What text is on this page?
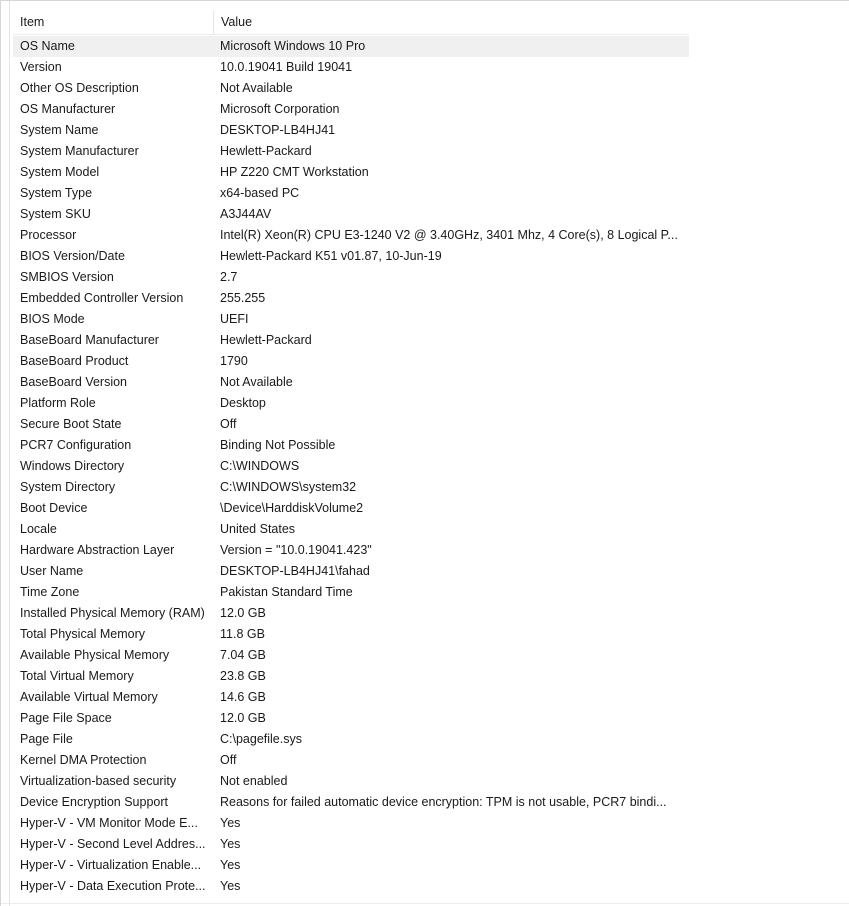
Item	Value
OS Name	Microsoft Windows 10 Pro
Version	10.0.19041 Build 19041
Other OS Description	Not Available
OS Manufacturer	Microsoft Corporation
System Name	DESKTOP-LB4HJ41
System Manufacturer	Hewlett-Packard
System Model	HP Z220 CMT Workstation
System Type	x64-based PC
System SKU	A3J44AV
Processor	Intel(R) Xeon(R) CPU E3-1240 V2 @ 3.40GHz, 3401 Mhz, 4 Core(s), 8 Logical P...
BIOS Version/Date	Hewlett-Packard K51 v01.87, 10-Jun-19
SMBIOS Version	2.7
Embedded Controller Version	255.255
BIOS Mode	UEFI
BaseBoard Manufacturer	Hewlett-Packard
BaseBoard Product	1790
BaseBoard Version	Not Available
Platform Role	Desktop
Secure Boot State	Off
PCR7 Configuration	Binding Not Possible
Windows Directory	C:\WINDOWS
System Directory	C:\WINDOWS\system32
Boot Device	\Device\HarddiskVolume2
Locale	United States
Hardware Abstraction Layer	Version = "10.0.19041.423"
User Name	DESKTOP-LB4HJ41\fahad
Time Zone	Pakistan Standard Time
Installed Physical Memory (RAM)	12.0 GB
Total Physical Memory	11.8 GB
Available Physical Memory	7.04 GB
Total Virtual Memory	23.8 GB
Available Virtual Memory	14.6 GB
Page File Space	12.0 GB
Page File	C:\pagefile.sys
Kernel DMA Protection	Off
Virtualization-based security	Not enabled
Device Encryption Support	Reasons for failed automatic device encryption: TPM is not usable, PCR7 bindi...
Hyper-V - VM Monitor Mode E...	Yes
Hyper-V - Second Level Addres...	Yes
Hyper-V - Virtualization Enable...	Yes
Hyper-V - Data Execution Prote...	Yes
